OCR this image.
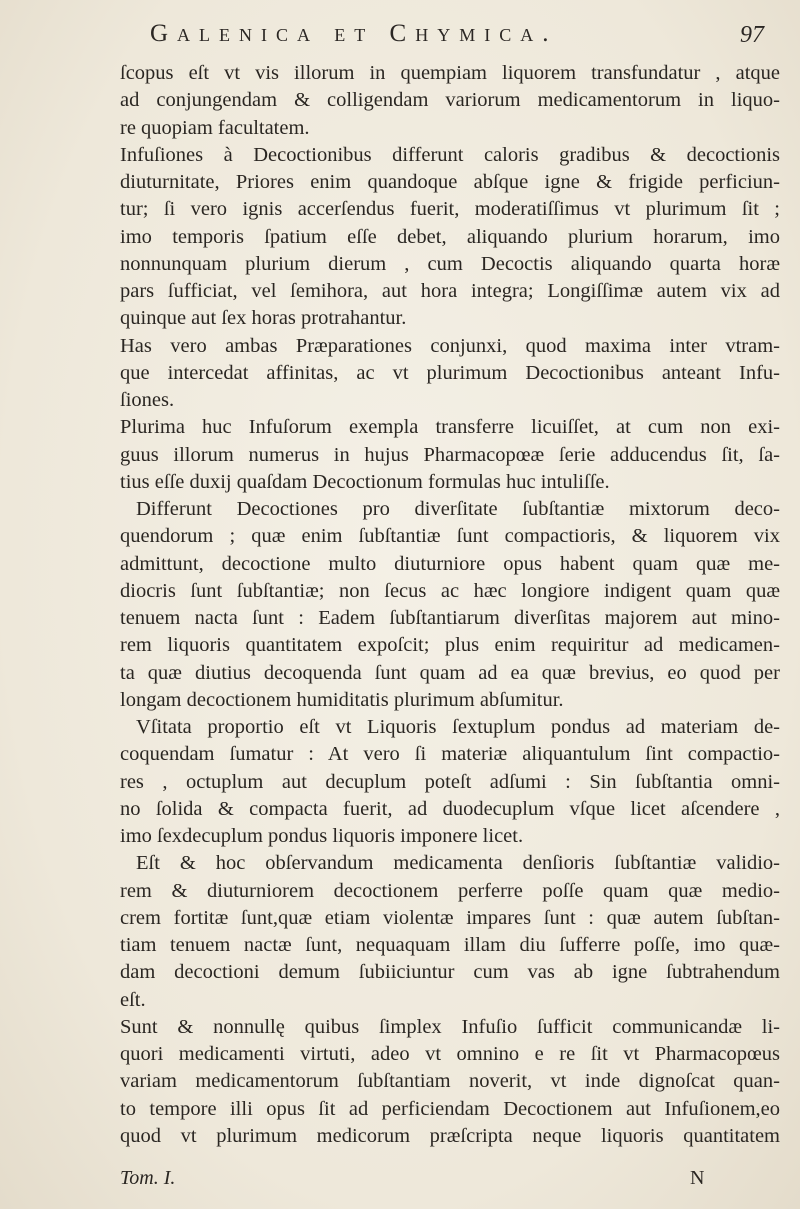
Galenica et Chymica.	97
ſcopus eſt vt vis illorum in quempiam liquorem transfundatur , atque
ad conjungendam & colligendam variorum medicamentorum in liquo-
re quopiam facultatem.
Infuſiones à Decoctionibus differunt caloris gradibus & decoctionis
diuturnitate, Priores enim quandoque abſque igne & frigide perficiun-
tur; ſi vero ignis accerſendus fuerit, moderatiſſimus vt plurimum ſit ;
imo temporis ſpatium eſſe debet, aliquando plurium horarum, imo
nonnunquam plurium dierum , cum Decoctis aliquando quarta horæ
pars ſufficiat, vel ſemihora, aut hora integra; Longiſſimæ autem vix ad
quinque aut ſex horas protrahantur.
Has vero ambas Præparationes conjunxi, quod maxima inter vtram-
que intercedat affinitas, ac vt plurimum Decoctionibus anteant Infu-
ſiones.
Plurima huc Infuſorum exempla transferre licuiſſet, at cum non exi-
guus illorum numerus in hujus Pharmacopœæ ſerie adducendus ſit, ſa-
tius eſſe duxij quaſdam Decoctionum formulas huc intuliſſe.
Differunt Decoctiones pro diverſitate ſubſtantiæ mixtorum deco-
quendorum ; quæ enim ſubſtantiæ ſunt compactioris, & liquorem vix
admittunt, decoctione multo diuturniore opus habent quam quæ me-
diocris ſunt ſubſtantiæ; non ſecus ac hæc longiore indigent quam quæ
tenuem nacta ſunt : Eadem ſubſtantiarum diverſitas majorem aut mino-
rem liquoris quantitatem expoſcit; plus enim requiritur ad medicamen-
ta quæ diutius decoquenda ſunt quam ad ea quæ brevius, eo quod per
longam decoctionem humiditatis plurimum abſumitur.
Vſitata proportio eſt vt Liquoris ſextuplum pondus ad materiam de-
coquendam ſumatur : At vero ſi materiæ aliquantulum ſint compactio-
res , octuplum aut decuplum poteſt adſumi : Sin ſubſtantia omni-
no ſolida & compacta fuerit, ad duodecuplum vſque licet aſcendere ,
imo ſexdecuplum pondus liquoris imponere licet.
Eſt & hoc obſervandum medicamenta denſioris ſubſtantiæ validio-
rem & diuturniorem decoctionem perferre poſſe quam quæ medio-
crem fortitæ ſunt,quæ etiam violentæ impares ſunt : quæ autem ſubſtan-
tiam tenuem nactæ ſunt, nequaquam illam diu ſufferre poſſe, imo quæ-
dam decoctioni demum ſubiiciuntur cum vas ab igne ſubtrahendum
eſt.
Sunt & nonnullę quibus ſimplex Infuſio ſufficit communicandæ li-
quori medicamenti virtuti, adeo vt omnino e re ſit vt Pharmacopœus
variam medicamentorum ſubſtantiam noverit, vt inde dignoſcat quan-
to tempore illi opus ſit ad perficiendam Decoctionem aut Infuſionem,eo
quod vt plurimum medicorum præſcripta neque liquoris quantitatem
Tom. I.	N
